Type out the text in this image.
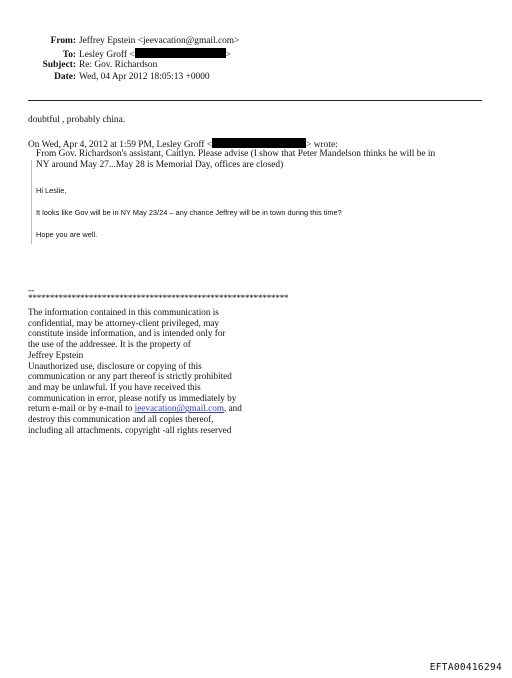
From: Jeffrey Epstein <jeevacation@gmail.com>
To: Lesley Groff <	>
Subject: Re: Gov. Richardson
Date: Wed, 04 Apr 2012 18:05:13 +0000
doubtful , probably china.
On Wed, Apr 4, 2012 at 1:59 PM, Lesley Groff <	> wrote:
From Gov. Richardson's assistant, Caitlyn. Please advise (I show that Peter Mandelson thinks he will be in
NY around May 27...May 28 is Memorial Day, offices are closed)
Hi Leslie,
It looks like Gov will be in NY May 23/24 – any chance Jeffrey will be in town during this time?
Hope you are well.
--
************************************************************
The information contained in this communication is
confidential, may be attorney-client privileged, may
constitute inside information, and is intended only for
the use of the addressee. It is the property of
Jeffrey Epstein
Unauthorized use, disclosure or copying of this
communication or any part thereof is strictly prohibited
and may be unlawful. If you have received this
communication in error, please notify us immediately by
return e-mail or by e-mail to jeevacation@gmail.com, and
destroy this communication and all copies thereof,
including all attachments. copyright -all rights reserved
EFTA00416294
